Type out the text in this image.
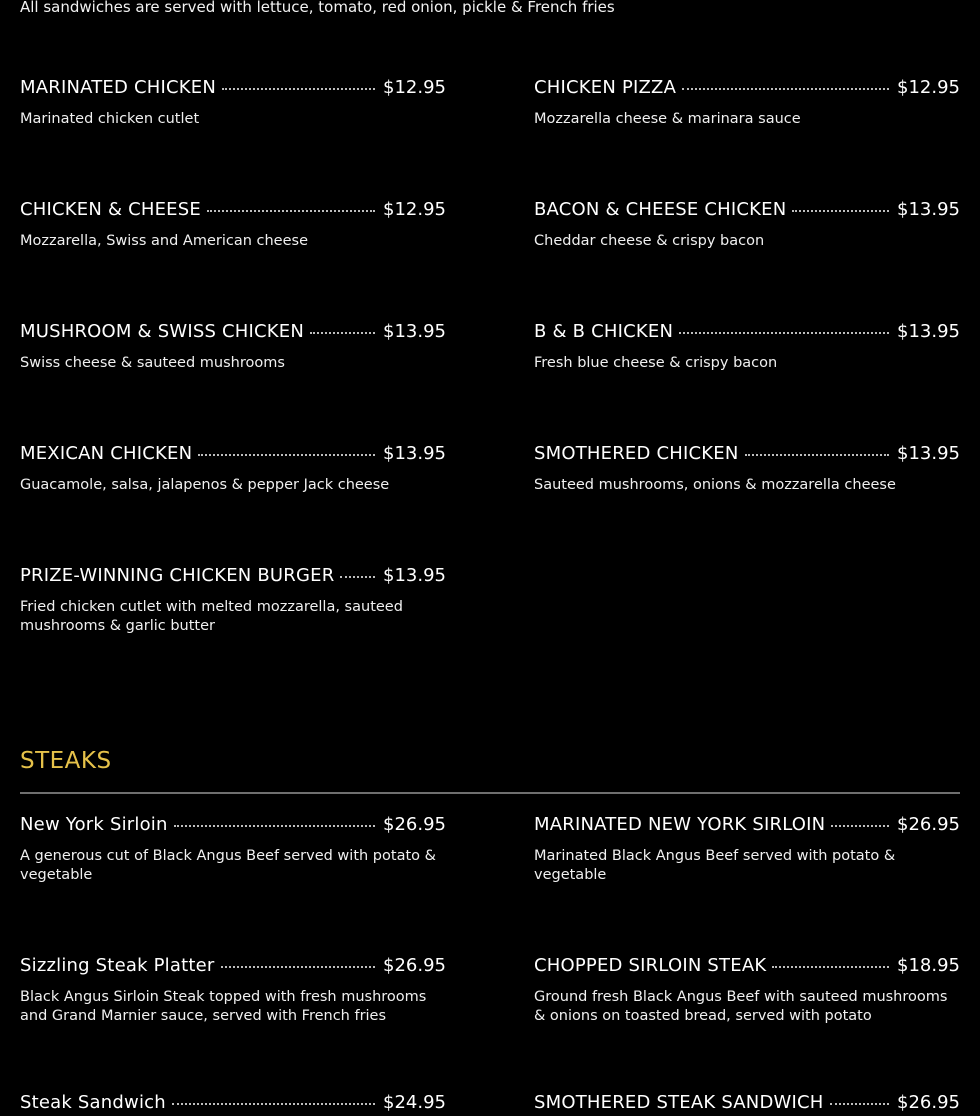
All sandwiches are served with lettuce, tomato, red onion, pickle & French fries

MARINATED CHICKEN	$12.95
Marinated chicken cutlet
CHICKEN PIZZA	$12.95
Mozzarella cheese & marinara sauce
CHICKEN & CHEESE	$12.95
Mozzarella, Swiss and American cheese
BACON & CHEESE CHICKEN	$13.95
Cheddar cheese & crispy bacon
MUSHROOM & SWISS CHICKEN	$13.95
Swiss cheese & sauteed mushrooms
B & B CHICKEN	$13.95
Fresh blue cheese & crispy bacon
MEXICAN CHICKEN	$13.95
Guacamole, salsa, jalapenos & pepper Jack cheese
SMOTHERED CHICKEN	$13.95
Sauteed mushrooms, onions & mozzarella cheese
PRIZE-WINNING CHICKEN BURGER	$13.95
Fried chicken cutlet with melted mozzarella, sauteed mushrooms & garlic butter
STEAKS
New York Sirloin	$26.95
A generous cut of Black Angus Beef served with potato & vegetable
MARINATED NEW YORK SIRLOIN	$26.95
Marinated Black Angus Beef served with potato & vegetable
Sizzling Steak Platter	$26.95
Black Angus Sirloin Steak topped with fresh mushrooms and Grand Marnier sauce, served with French fries
CHOPPED SIRLOIN STEAK	$18.95
Ground fresh Black Angus Beef with sauteed mushrooms & onions on toasted bread, served with potato
Steak Sandwich	$24.95	SMOTHERED STEAK SANDWICH	$26.95
